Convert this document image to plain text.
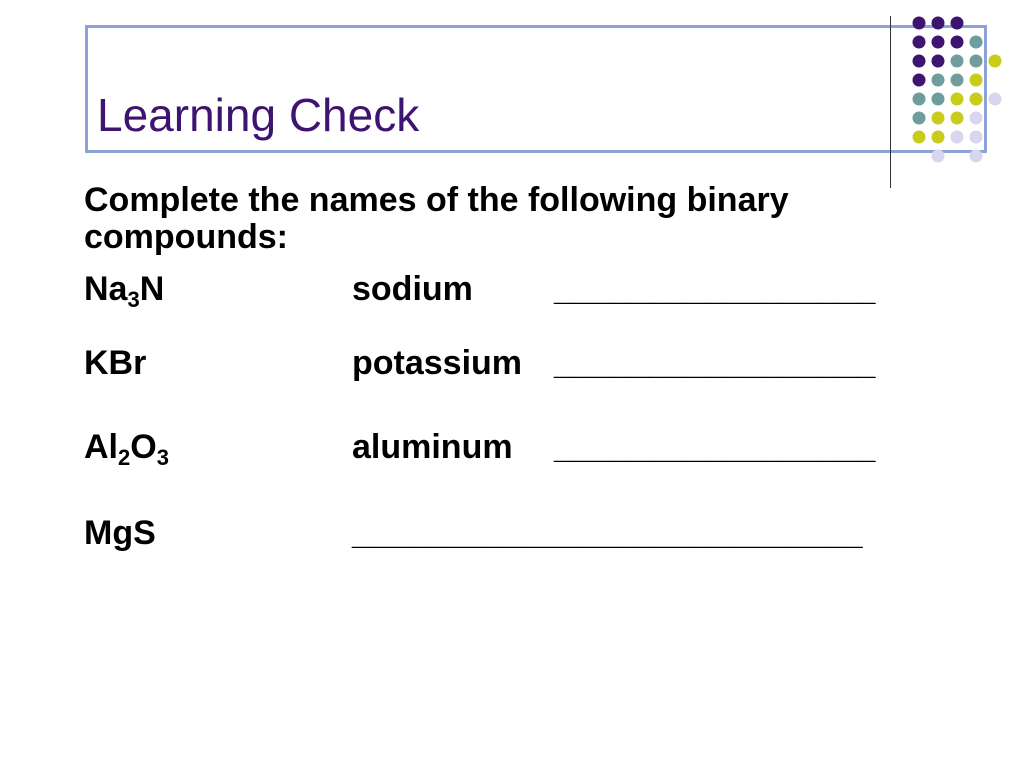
Learning Check
Complete the names of the following binary compounds:
$Na_3N$	sodium _________________
KBr	potassium _________________
$Al_2O_3$	aluminum _________________
MgS	___________________________
